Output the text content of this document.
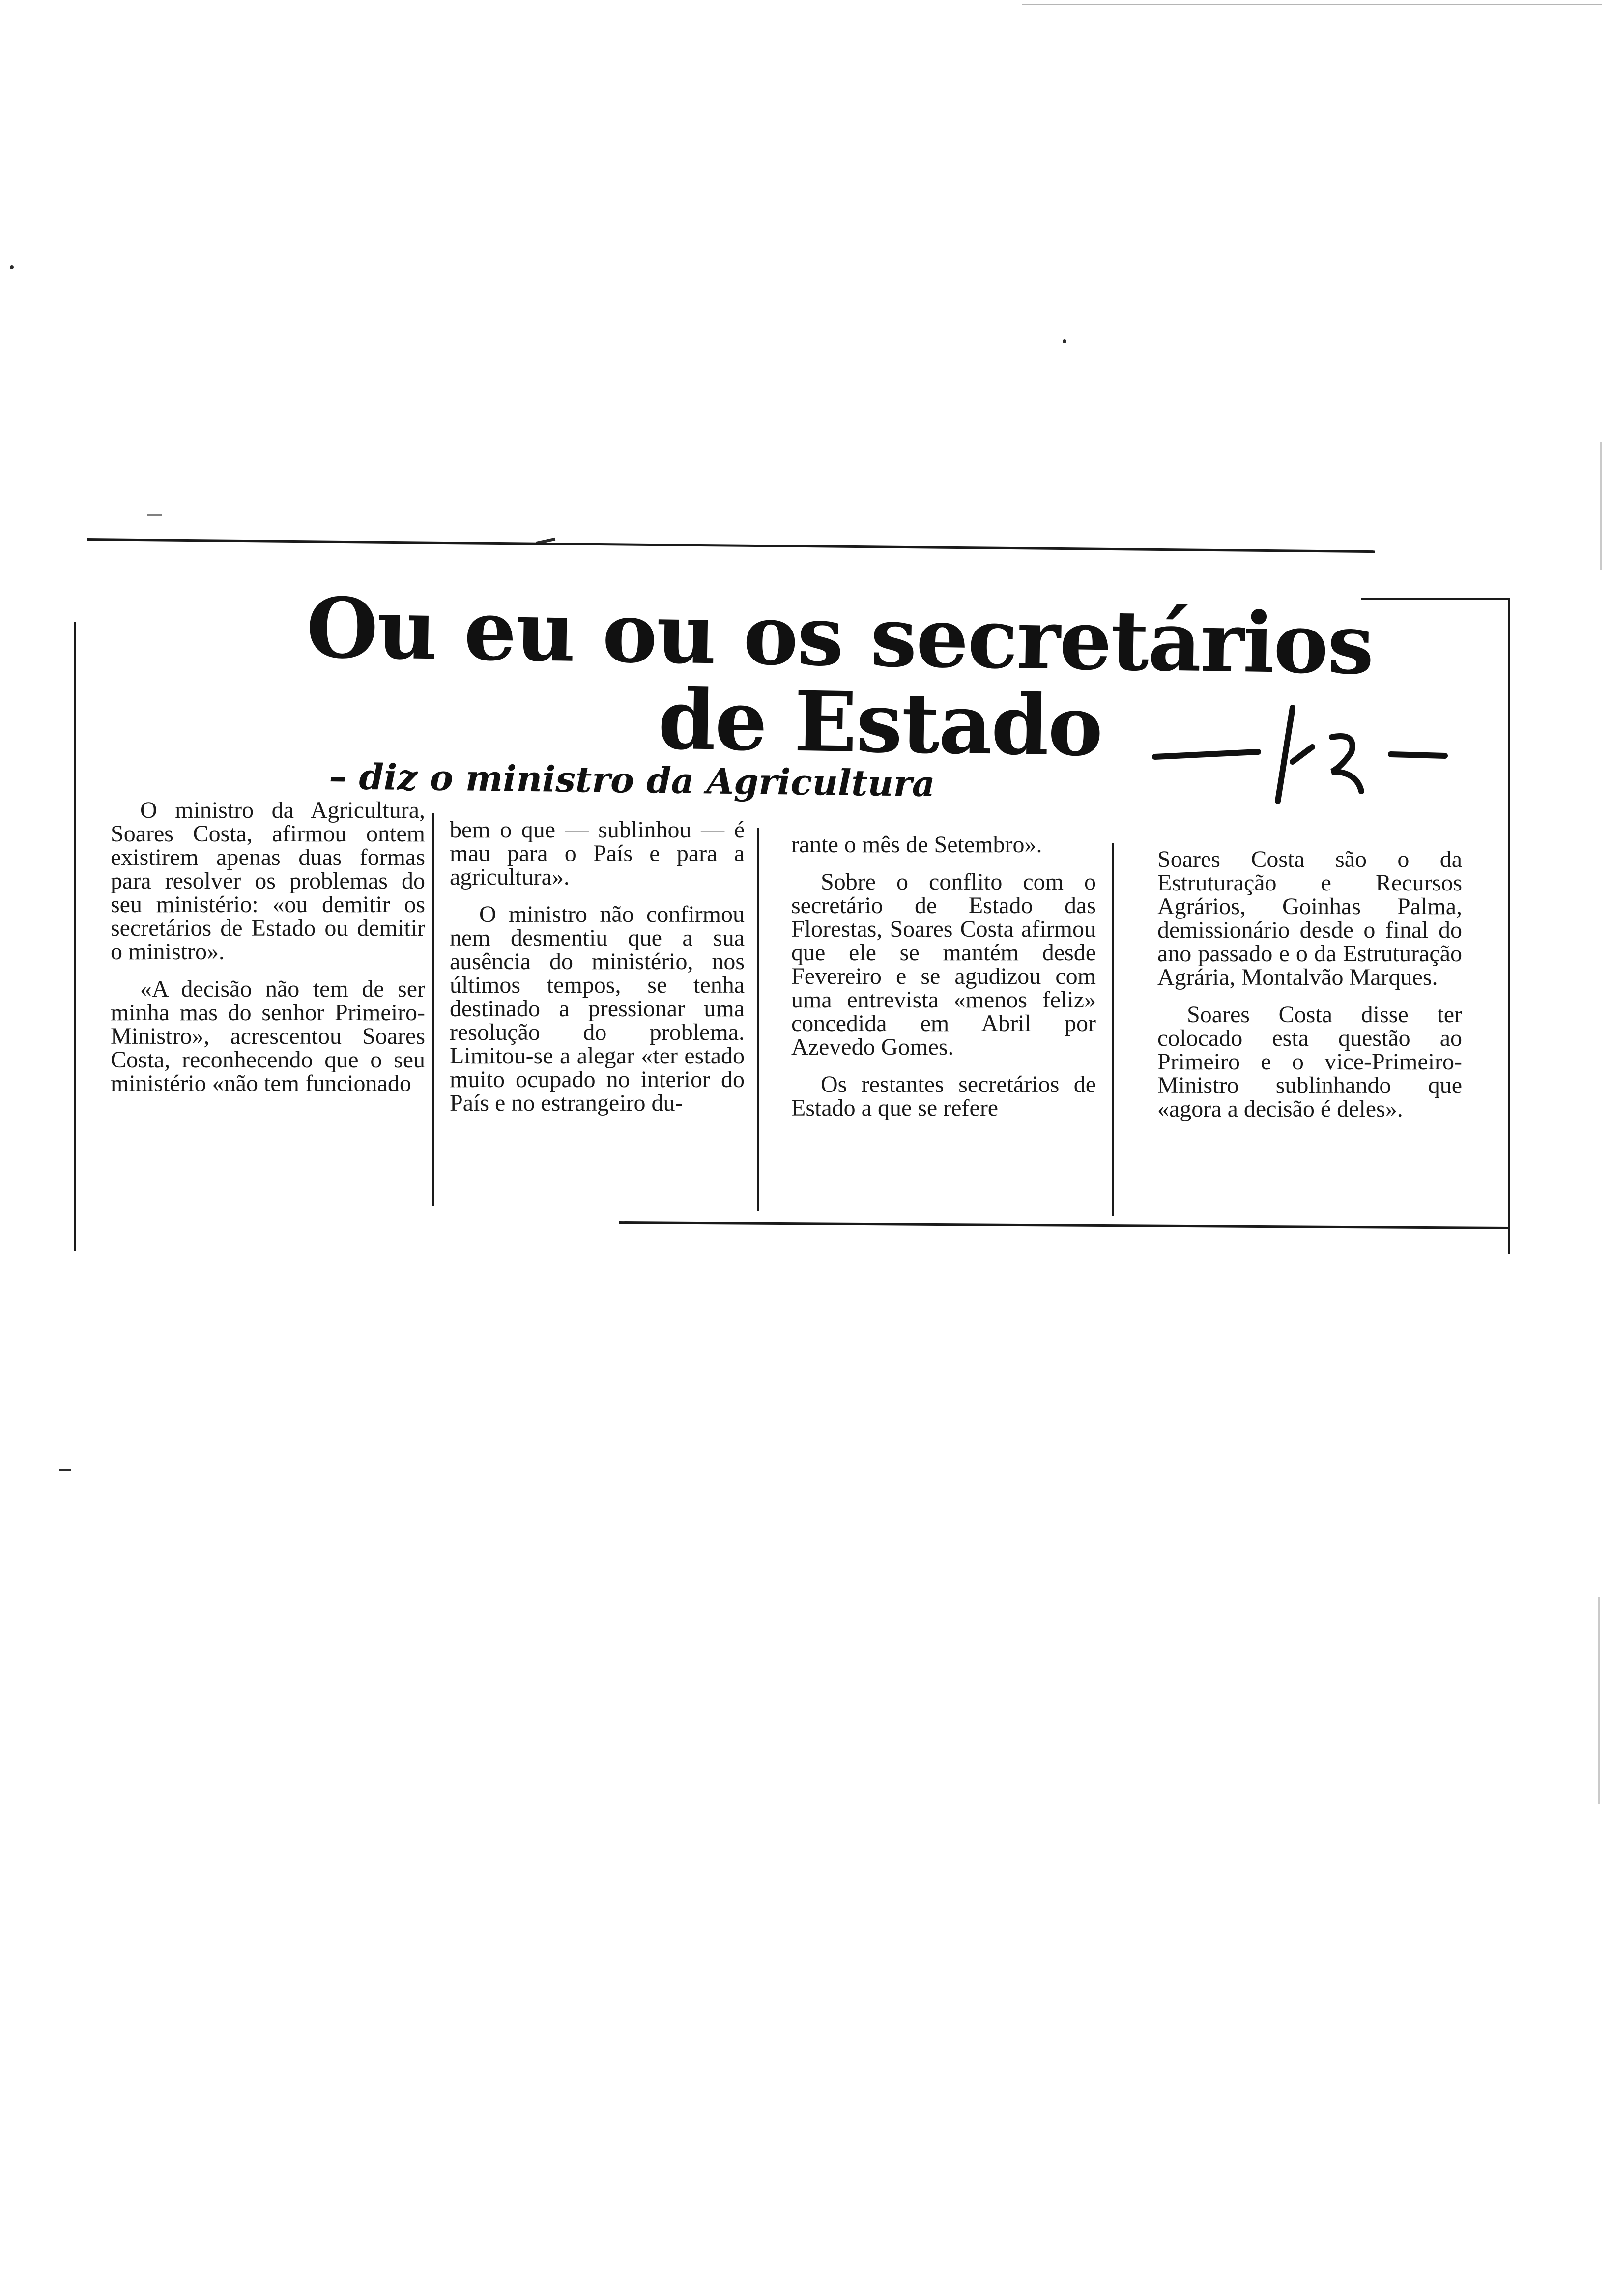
Ou eu ou os secretários
de Estado
– diz o ministro da Agricultura

O ministro da Agricultura, Soares Costa, afirmou ontem existirem apenas duas formas para resolver os problemas do seu ministério: «ou demitir os secretários de Estado ou demitir o ministro».

«A decisão não tem de ser minha mas do senhor Primeiro-Ministro», acrescentou Soares Costa, reconhecendo que o seu ministério «não tem funcionado

bem o que — sublinhou — é mau para o País e para a agricultura».

O ministro não confirmou nem desmentiu que a sua ausência do ministério, nos últimos tempos, se tenha destinado a pressionar uma resolução do problema. Limitou-se a alegar «ter estado muito ocupado no interior do País e no estrangeiro du-

rante o mês de Setembro».

Sobre o conflito com o secretário de Estado das Florestas, Soares Costa afirmou que ele se mantém desde Fevereiro e se agudizou com uma entrevista «menos feliz» concedida em Abril por Azevedo Gomes.

Os restantes secretários de Estado a que se refere

Soares Costa são o da Estruturação e Recursos Agrários, Goinhas Palma, demissionário desde o final do ano passado e o da Estruturação Agrária, Montalvão Marques.

Soares Costa disse ter colocado esta questão ao Primeiro e o vice-Primeiro-Ministro sublinhando que «agora a decisão é deles».
